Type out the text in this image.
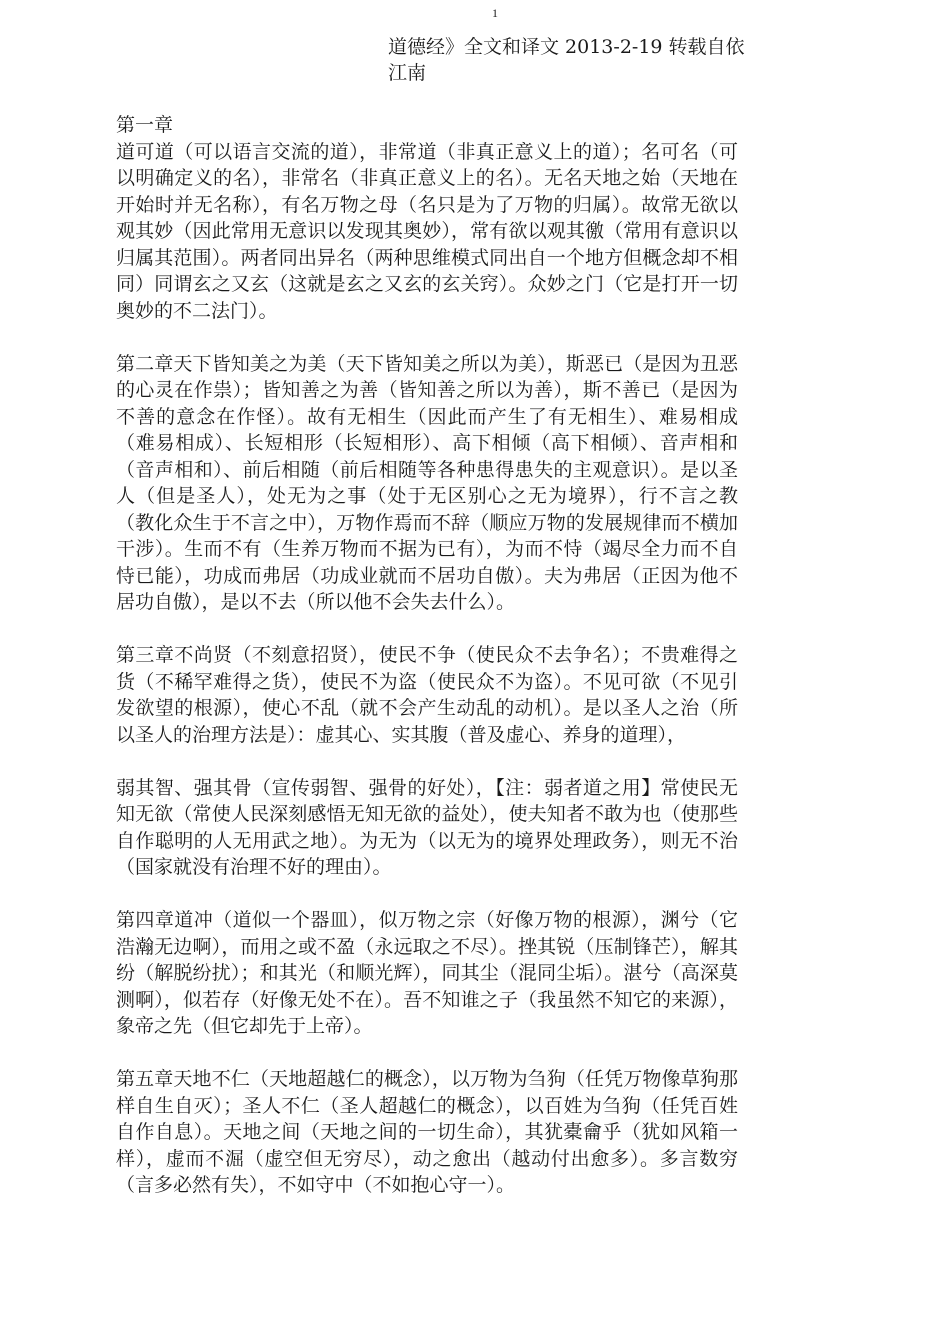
1
道德经》全文和译文 2013-2-19 转载自依江南

第一章
道可道（可以语言交流的道），非常道（非真正意义上的道）；名可名（可以明确定义的名），非常名（非真正意义上的名）。无名天地之始（天地在开始时并无名称），有名万物之母（名只是为了万物的归属）。故常无欲以观其妙（因此常用无意识以发现其奥妙），常有欲以观其徼（常用有意识以归属其范围）。两者同出异名（两种思维模式同出自一个地方但概念却不相同）同谓玄之又玄（这就是玄之又玄的玄关窍）。众妙之门（它是打开一切奥妙的不二法门）。

第二章天下皆知美之为美（天下皆知美之所以为美），斯恶已（是因为丑恶的心灵在作祟）；皆知善之为善（皆知善之所以为善），斯不善已（是因为不善的意念在作怪）。故有无相生（因此而产生了有无相生）、难易相成（难易相成）、长短相形（长短相形）、高下相倾（高下相倾）、音声相和（音声相和）、前后相随（前后相随等各种患得患失的主观意识）。是以圣人（但是圣人），处无为之事（处于无区别心之无为境界），行不言之教（教化众生于不言之中），万物作焉而不辞（顺应万物的发展规律而不横加干涉）。生而不有（生养万物而不据为已有），为而不恃（竭尽全力而不自恃已能），功成而弗居（功成业就而不居功自傲）。夫为弗居（正因为他不居功自傲），是以不去（所以他不会失去什么）。

第三章不尚贤（不刻意招贤），使民不争（使民众不去争名）；不贵难得之货（不稀罕难得之货），使民不为盗（使民众不为盗）。不见可欲（不见引发欲望的根源），使心不乱（就不会产生动乱的动机）。是以圣人之治（所以圣人的治理方法是）：虚其心、实其腹（普及虚心、养身的道理），

弱其智、强其骨（宣传弱智、强骨的好处），【注：弱者道之用】常使民无知无欲（常使人民深刻感悟无知无欲的益处），使夫知者不敢为也（使那些自作聪明的人无用武之地）。为无为（以无为的境界处理政务），则无不治（国家就没有治理不好的理由）。

第四章道冲（道似一个器皿），似万物之宗（好像万物的根源），渊兮（它浩瀚无边啊），而用之或不盈（永远取之不尽）。挫其锐（压制锋芒），解其纷（解脱纷扰）；和其光（和顺光辉），同其尘（混同尘垢）。湛兮（高深莫测啊），似若存（好像无处不在）。吾不知谁之子（我虽然不知它的来源），象帝之先（但它却先于上帝）。

第五章天地不仁（天地超越仁的概念），以万物为刍狗（任凭万物像草狗那样自生自灭）；圣人不仁（圣人超越仁的概念），以百姓为刍狗（任凭百姓自作自息）。天地之间（天地之间的一切生命），其犹橐龠乎（犹如风箱一样），虚而不淈（虚空但无穷尽），动之愈出（越动付出愈多）。多言数穷（言多必然有失），不如守中（不如抱心守一）。
